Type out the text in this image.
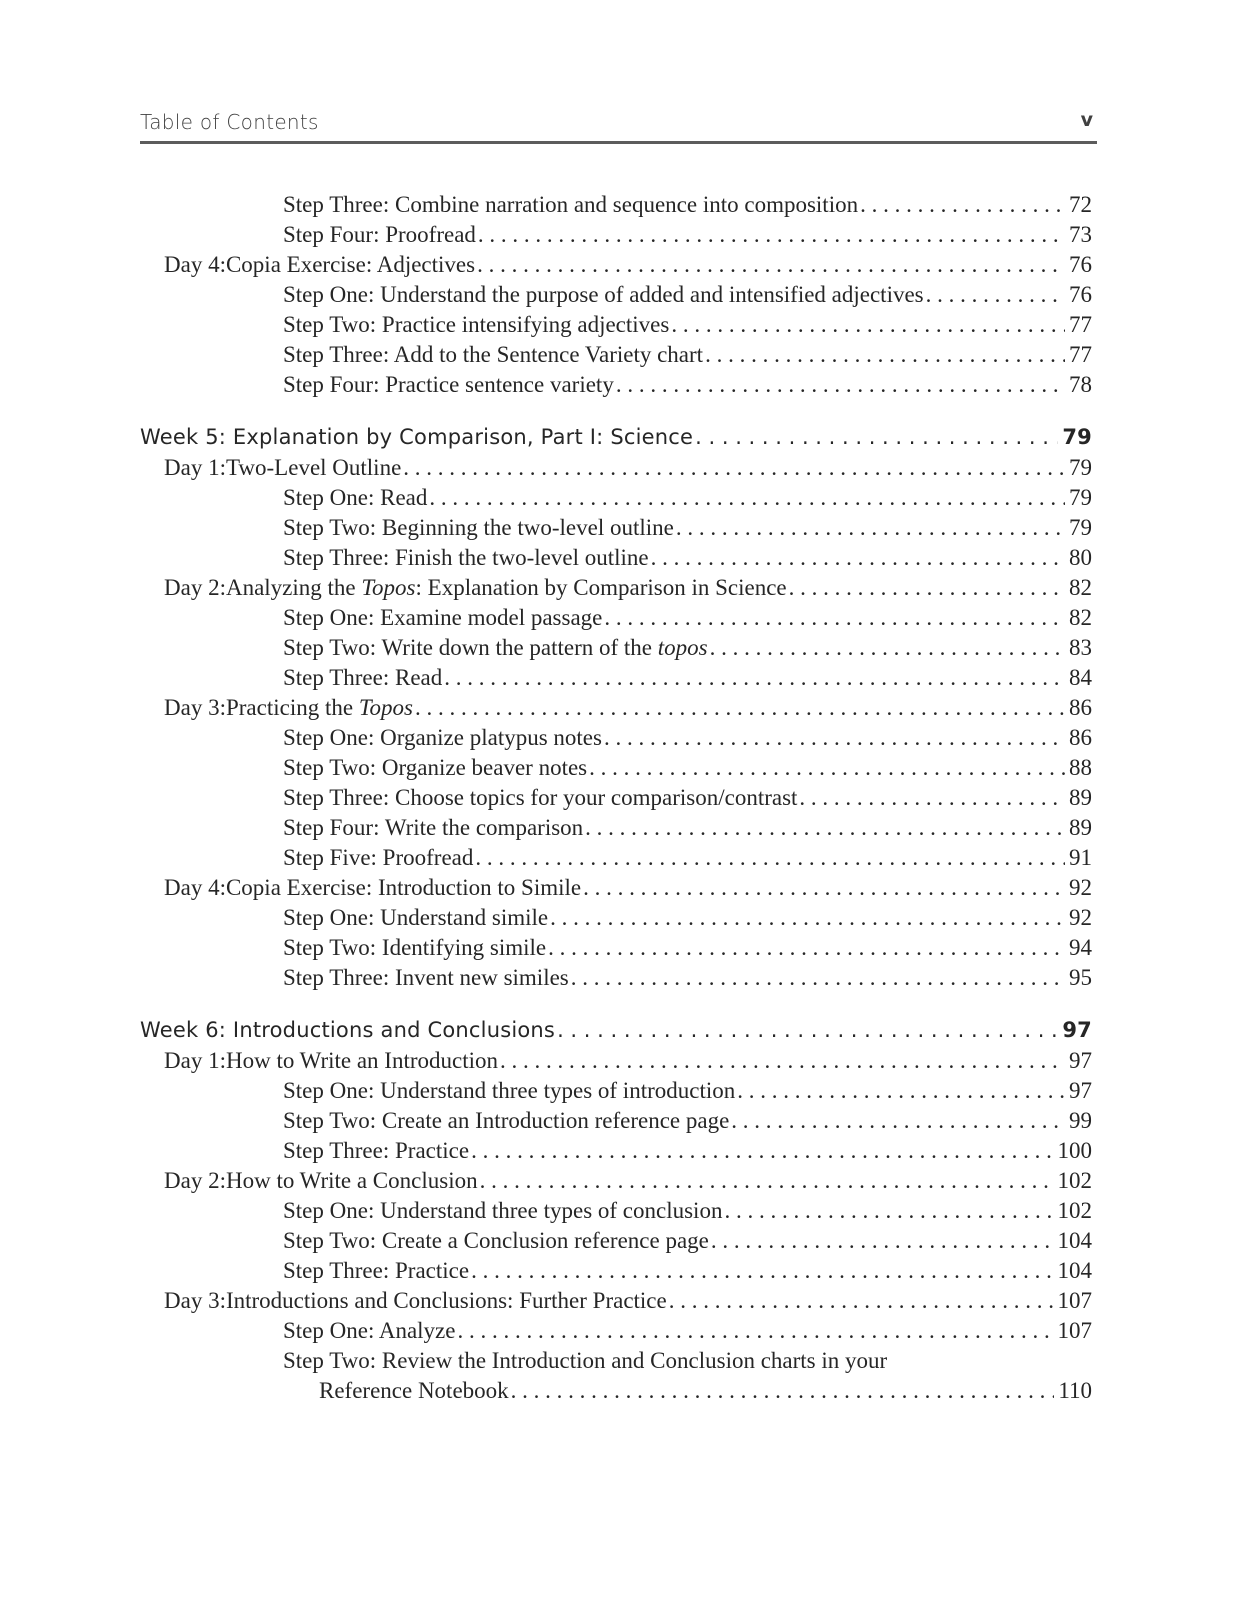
Table of Contents	v
Step Three: Combine narration and sequence into composition . . .	72
Step Four: Proofread . . .	73
Day 4: Copia Exercise: Adjectives . . .	76
Step One: Understand the purpose of added and intensified adjectives . . .	76
Step Two: Practice intensifying adjectives . . .	77
Step Three: Add to the Sentence Variety chart . . .	77
Step Four: Practice sentence variety . . .	78
Week 5: Explanation by Comparison, Part I: Science . . .	79
Day 1: Two-Level Outline . . .	79
Step One: Read . . .	79
Step Two: Beginning the two-level outline . . .	79
Step Three: Finish the two-level outline . . .	80
Day 2: Analyzing the Topos: Explanation by Comparison in Science . . .	82
Step One: Examine model passage . . .	82
Step Two: Write down the pattern of the topos . . .	83
Step Three: Read . . .	84
Day 3: Practicing the Topos . . .	86
Step One: Organize platypus notes . . .	86
Step Two: Organize beaver notes . . .	88
Step Three: Choose topics for your comparison/contrast . . .	89
Step Four: Write the comparison . . .	89
Step Five: Proofread . . .	91
Day 4: Copia Exercise: Introduction to Simile . . .	92
Step One: Understand simile . . .	92
Step Two: Identifying simile . . .	94
Step Three: Invent new similes . . .	95
Week 6: Introductions and Conclusions . . .	97
Day 1: How to Write an Introduction . . .	97
Step One: Understand three types of introduction . . .	97
Step Two: Create an Introduction reference page . . .	99
Step Three: Practice . . .	100
Day 2: How to Write a Conclusion . . .	102
Step One: Understand three types of conclusion . . .	102
Step Two: Create a Conclusion reference page . . .	104
Step Three: Practice . . .	104
Day 3: Introductions and Conclusions: Further Practice . . .	107
Step One: Analyze . . .	107
Step Two: Review the Introduction and Conclusion charts in your
Reference Notebook . . .	110
